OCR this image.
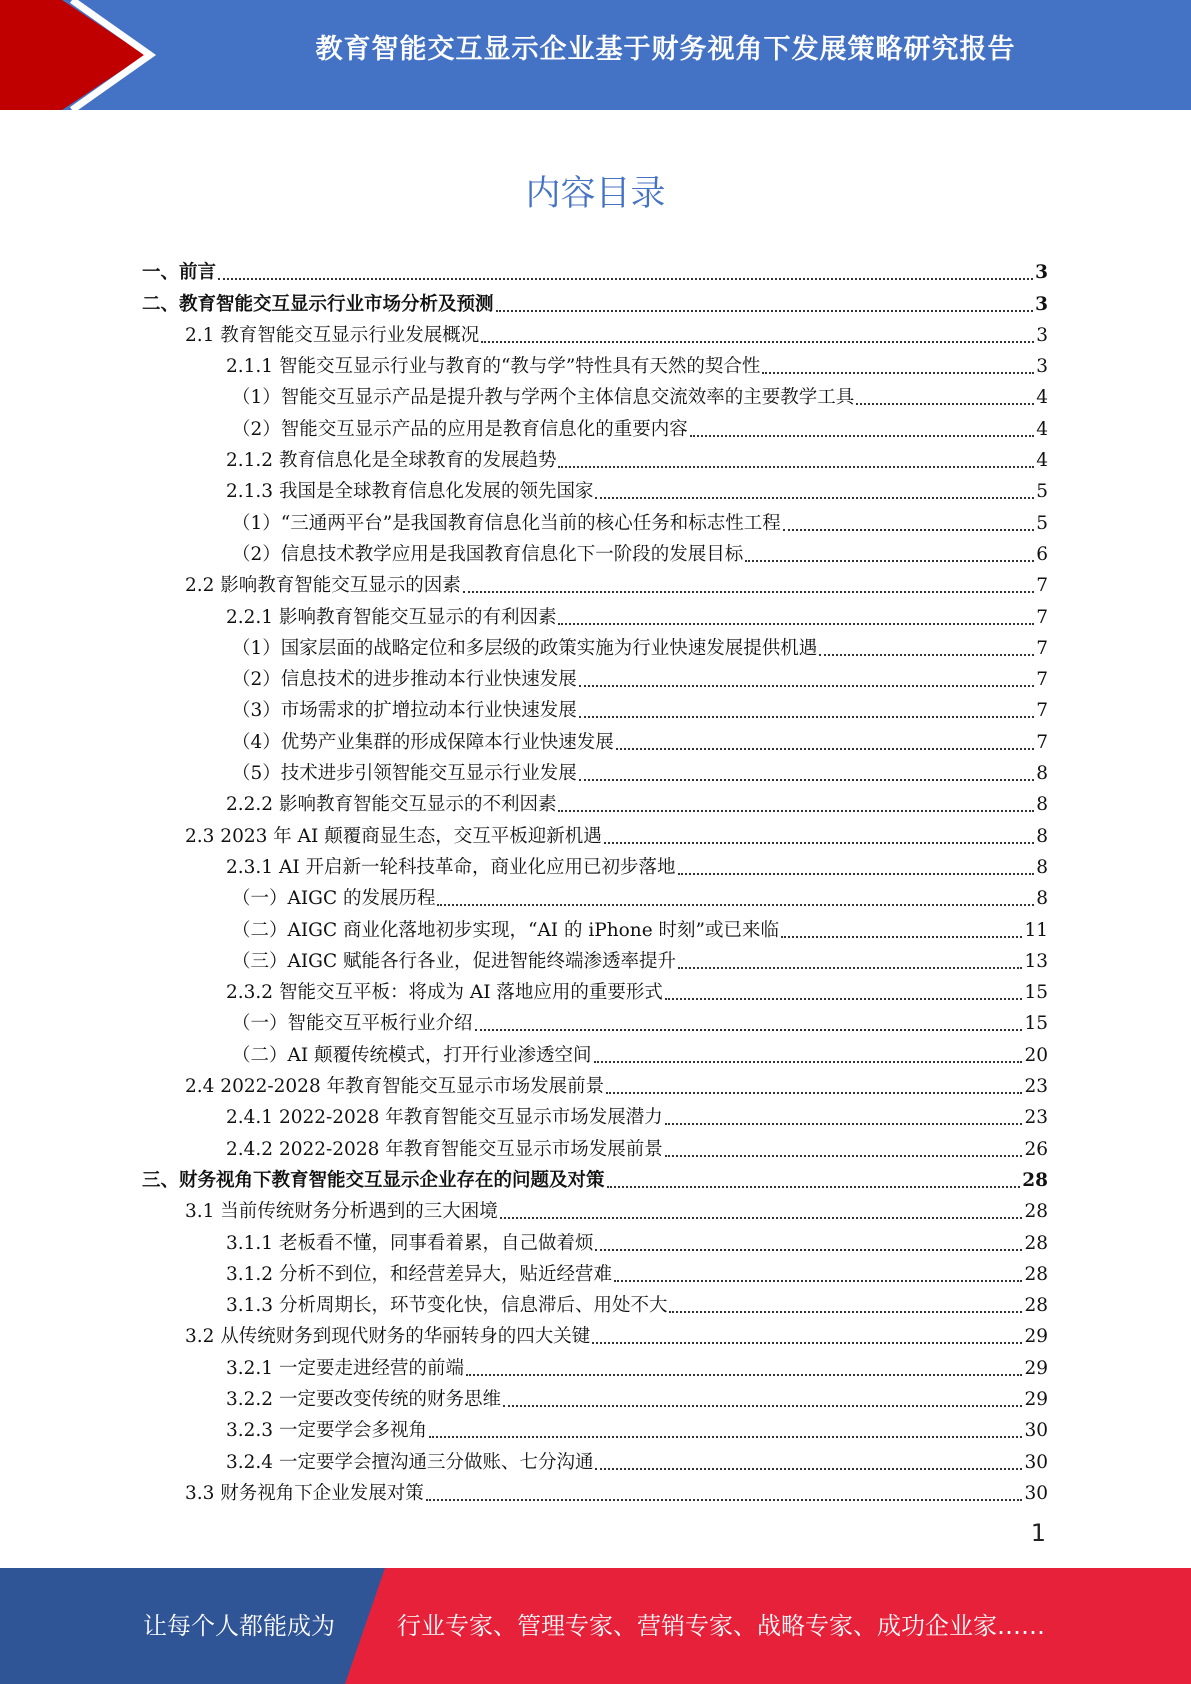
教育智能交互显示企业基于财务视角下发展策略研究报告
内容目录
一、前言	3
二、教育智能交互显示行业市场分析及预测	3
2.1 教育智能交互显示行业发展概况	3
2.1.1 智能交互显示行业与教育的“教与学”特性具有天然的契合性	3
（1）智能交互显示产品是提升教与学两个主体信息交流效率的主要教学工具	4
（2）智能交互显示产品的应用是教育信息化的重要内容	4
2.1.2 教育信息化是全球教育的发展趋势	4
2.1.3 我国是全球教育信息化发展的领先国家	5
（1）“三通两平台”是我国教育信息化当前的核心任务和标志性工程	5
（2）信息技术教学应用是我国教育信息化下一阶段的发展目标	6
2.2 影响教育智能交互显示的因素	7
2.2.1 影响教育智能交互显示的有利因素	7
（1）国家层面的战略定位和多层级的政策实施为行业快速发展提供机遇	7
（2）信息技术的进步推动本行业快速发展	7
（3）市场需求的扩增拉动本行业快速发展	7
（4）优势产业集群的形成保障本行业快速发展	7
（5）技术进步引领智能交互显示行业发展	8
2.2.2 影响教育智能交互显示的不利因素	8
2.3 2023 年 AI 颠覆商显生态，交互平板迎新机遇	8
2.3.1 AI 开启新一轮科技革命，商业化应用已初步落地	8
（一）AIGC 的发展历程	8
（二）AIGC 商业化落地初步实现，“AI 的 iPhone 时刻”或已来临	11
（三）AIGC 赋能各行各业，促进智能终端渗透率提升	13
2.3.2 智能交互平板：将成为 AI 落地应用的重要形式	15
（一）智能交互平板行业介绍	15
（二）AI 颠覆传统模式，打开行业渗透空间	20
2.4 2022-2028 年教育智能交互显示市场发展前景	23
2.4.1 2022-2028 年教育智能交互显示市场发展潜力	23
2.4.2 2022-2028 年教育智能交互显示市场发展前景	26
三、财务视角下教育智能交互显示企业存在的问题及对策	28
3.1 当前传统财务分析遇到的三大困境	28
3.1.1 老板看不懂，同事看着累，自己做着烦	28
3.1.2 分析不到位，和经营差异大，贴近经营难	28
3.1.3 分析周期长，环节变化快，信息滞后、用处不大	28
3.2 从传统财务到现代财务的华丽转身的四大关键	29
3.2.1 一定要走进经营的前端	29
3.2.2 一定要改变传统的财务思维	29
3.2.3 一定要学会多视角	30
3.2.4 一定要学会擅沟通三分做账、七分沟通	30
3.3 财务视角下企业发展对策	30
1
让每个人都能成为	行业专家、管理专家、营销专家、战略专家、成功企业家……
